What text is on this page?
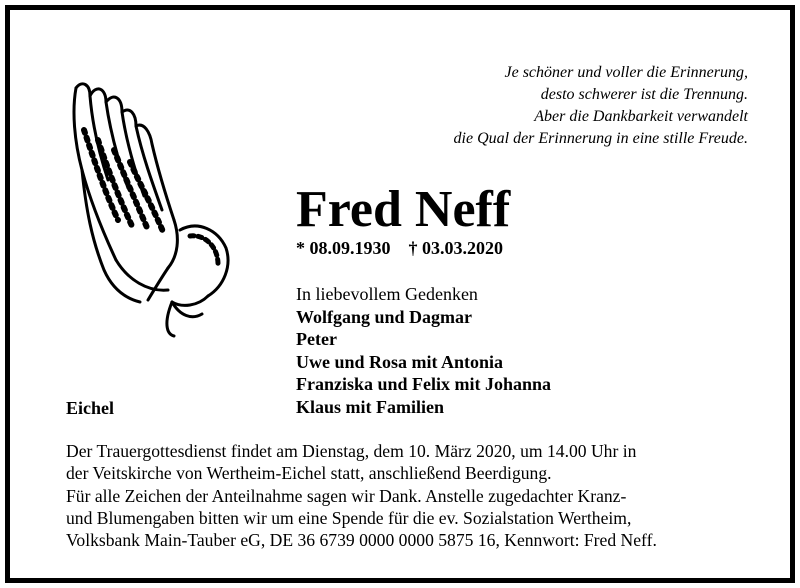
Je schöner und voller die Erinnerung,
desto schwerer ist die Trennung.
Aber die Dankbarkeit verwandelt
die Qual der Erinnerung in eine stille Freude.
Fred Neff
* 08.09.1930 † 03.03.2020
In liebevollem Gedenken
Wolfgang und Dagmar
Peter
Uwe und Rosa mit Antonia
Franziska und Felix mit Johanna
Klaus mit Familien
Eichel
Der Trauergottesdienst findet am Dienstag, dem 10. März 2020, um 14.00 Uhr in
der Veitskirche von Wertheim-Eichel statt, anschließend Beerdigung.
Für alle Zeichen der Anteilnahme sagen wir Dank. Anstelle zugedachter Kranz-
und Blumengaben bitten wir um eine Spende für die ev. Sozialstation Wertheim,
Volksbank Main-Tauber eG, DE 36 6739 0000 0000 5875 16, Kennwort: Fred Neff.
